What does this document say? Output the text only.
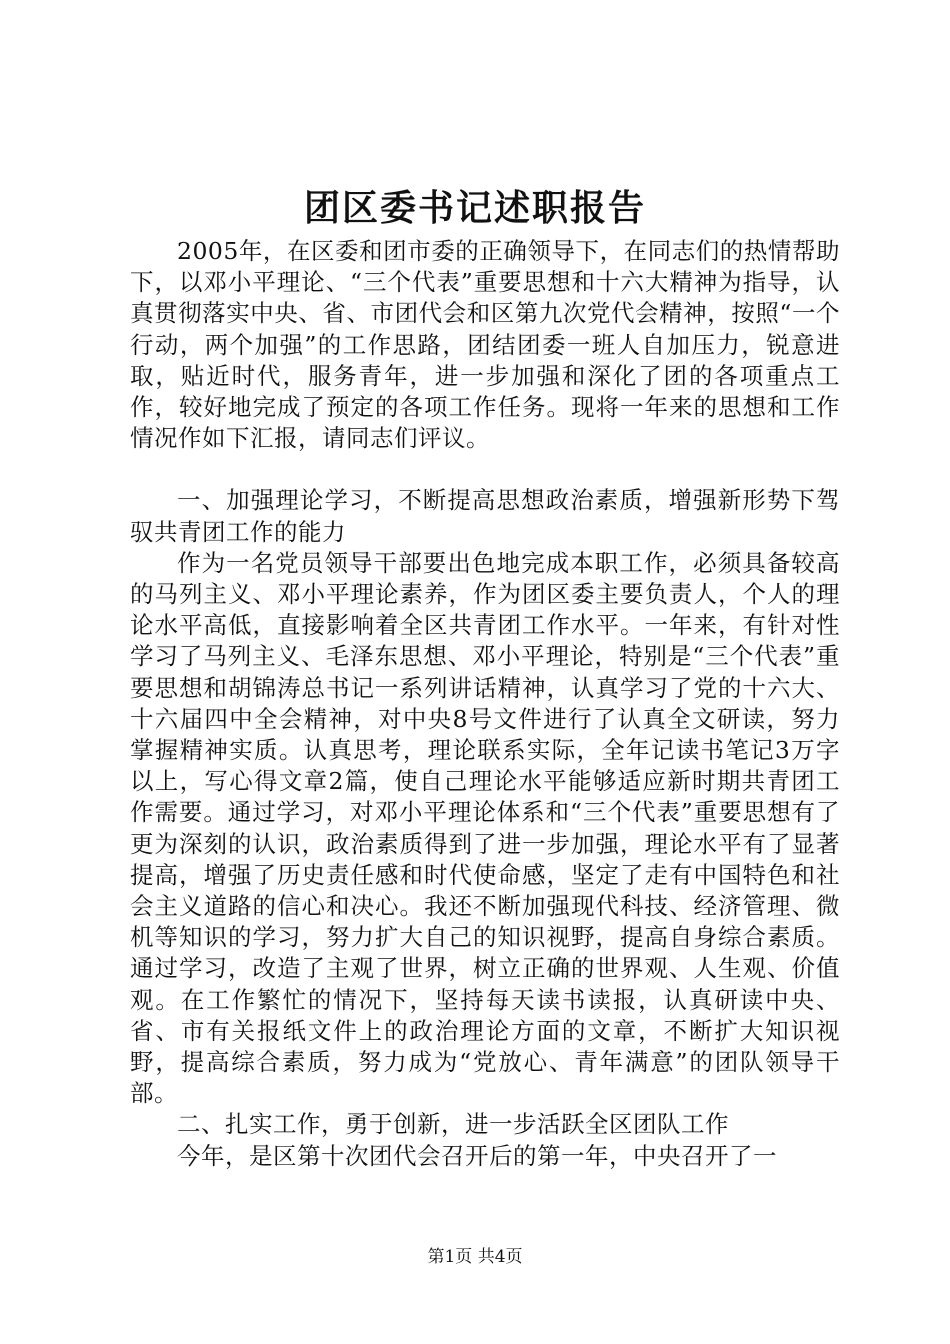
团区委书记述职报告

2005年，在区委和团市委的正确领导下，在同志们的热情帮助下，以邓小平理论、“三个代表”重要思想和十六大精神为指导，认真贯彻落实中央、省、市团代会和区第九次党代会精神，按照“一个行动，两个加强”的工作思路，团结团委一班人自加压力，锐意进取，贴近时代，服务青年，进一步加强和深化了团的各项重点工作，较好地完成了预定的各项工作任务。现将一年来的思想和工作情况作如下汇报，请同志们评议。

一、加强理论学习，不断提高思想政治素质，增强新形势下驾驭共青团工作的能力

作为一名党员领导干部要出色地完成本职工作，必须具备较高的马列主义、邓小平理论素养，作为团区委主要负责人，个人的理论水平高低，直接影响着全区共青团工作水平。一年来，有针对性学习了马列主义、毛泽东思想、邓小平理论，特别是“三个代表”重要思想和胡锦涛总书记一系列讲话精神，认真学习了党的十六大、十六届四中全会精神，对中央8号文件进行了认真全文研读，努力掌握精神实质。认真思考，理论联系实际，全年记读书笔记3万字以上，写心得文章2篇，使自己理论水平能够适应新时期共青团工作需要。通过学习，对邓小平理论体系和“三个代表”重要思想有了更为深刻的认识，政治素质得到了进一步加强，理论水平有了显著提高，增强了历史责任感和时代使命感，坚定了走有中国特色和社会主义道路的信心和决心。我还不断加强现代科技、经济管理、微机等知识的学习，努力扩大自己的知识视野，提高自身综合素质。通过学习，改造了主观了世界，树立正确的世界观、人生观、价值观。在工作繁忙的情况下，坚持每天读书读报，认真研读中央、省、市有关报纸文件上的政治理论方面的文章，不断扩大知识视野，提高综合素质，努力成为“党放心、青年满意”的团队领导干部。

二、扎实工作，勇于创新，进一步活跃全区团队工作

今年，是区第十次团代会召开后的第一年，中央召开了一

第1页 共4页
